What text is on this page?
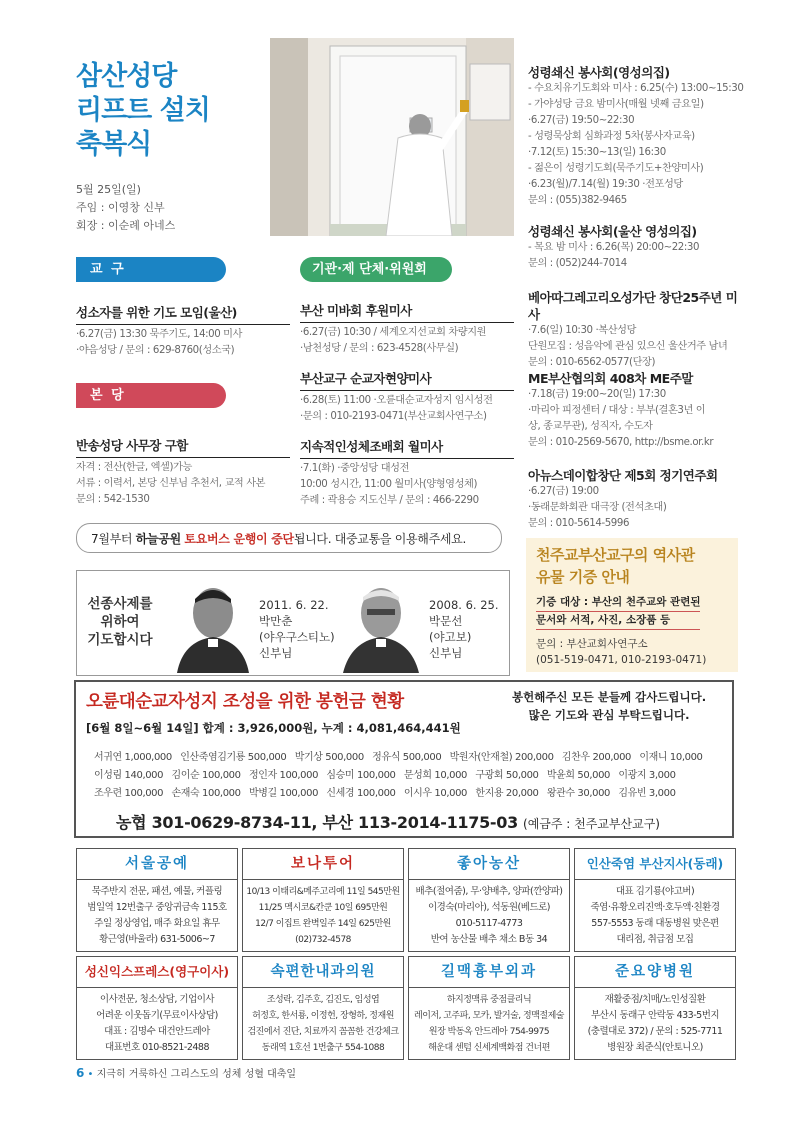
삼산성당
리프트 설치
축복식
5월 25일(일)
주임 : 이영창 신부
회장 : 이순례 아네스
교 구
본 당
기관·제 단체·위원회
성소자를 위한 기도 모임(울산)
·6.27(금) 13:30 묵주기도, 14:00 미사
·야음성당 / 문의 : 629-8760(성소국)
반송성당 사무장 구함
자격 : 전산(한글, 엑셀)가능
서류 : 이력서, 본당 신부님 추천서, 교적 사본
문의 : 542-1530
부산 미바회 후원미사
·6.27(금) 10:30 / 세계오지선교회 차량지원
·남천성당 / 문의 : 623-4528(사무실)
부산교구 순교자현양미사
·6.28(토) 11:00 ·오륜대순교자성지 임시성전
·문의 : 010-2193-0471(부산교회사연구소)
지속적인성체조배회 월미사
·7.1(화) ·중앙성당 대성전
10:00 성시간, 11:00 월미사(양형영성체)
주례 : 곽용승 지도신부 / 문의 : 466-2290
성령쇄신 봉사회(영성의집)
- 수요치유기도회와 미사 : 6.25(수) 13:00~15:30
- 가야성당 금요 밤미사(매월 넷째 금요일)
·6.27(금) 19:50~22:30
- 성령묵상회 심화과정 5차(봉사자교육)
·7.12(토) 15:30~13(일) 16:30
- 젊은이 성령기도회(묵주기도+찬양미사)
·6.23(월)/7.14(월) 19:30 ·전포성당
문의 : (055)382-9465
성령쇄신 봉사회(울산 영성의집)
- 목요 밤 미사 : 6.26(목) 20:00~22:30
문의 : (052)244-7014
베아따그레고리오성가단 창단25주년 미사
·7.6(일) 10:30 ·복산성당
단원모집 : 성음악에 관심 있으신 울산거주 남녀
문의 : 010-6562-0577(단장)
ME부산협의회 408차 ME주말
·7.18(금) 19:00~20(일) 17:30
·마리아 피정센터 / 대상 : 부부(결혼3년 이
상, 종교무관), 성직자, 수도자
문의 : 010-2569-5670, http://bsme.or.kr
아뉴스데이합창단 제5회 정기연주회
·6.27(금) 19:00
·동래문화회관 대극장 (전석초대)
문의 : 010-5614-5996
7월부터 하늘공원 토요버스 운행이 중단됩니다. 대중교통을 이용해주세요.
선종사제를
위하여
기도합시다
2011. 6. 22.
박만춘
(야우구스티노)
신부님
2008. 6. 25.
박문선
(야고보)
신부님
천주교부산교구의 역사관
유물 기증 안내
기증 대상 : 부산의 천주교와 관련된
문서와 서적, 사진, 소장품 등
문의 : 부산교회사연구소
(051-519-0471, 010-2193-0471)
오륜대순교자성지 조성을 위한 봉헌금 현황	봉헌해주신 모든 분들께 감사드립니다.
많은 기도와 관심 부탁드립니다.
[6월 8일~6월 14일] 합계 : 3,926,000원, 누계 : 4,081,464,441원
서귀연 1,000,000 인산죽염김기룡 500,000 박기상 500,000 정유식 500,000 박원자(안재철) 200,000 김찬우 200,000 이재니 10,000
이성림 140,000 김이순 100,000 정인자 100,000 심승미 100,000 문성희 10,000 구광회 50,000 박윤희 50,000 이광지 3,000
조우련 100,000 손재숙 100,000 박병길 100,000 신세경 100,000 이시우 10,000 한지용 20,000 왕관수 30,000 김유빈 3,000
농협 301-0629-8734-11, 부산 113-2014-1175-03 (예금주 : 천주교부산교구)
서울공예
묵주반지 전문, 패션, 예물, 커플링
범일역 12번출구 중앙귀금속 115호
주일 정상영업, 매주 화요일 휴무
황근영(바울라) 631-5006~7
보나투어
10/13 이태리&메주고리예 11일 545만원
11/25 멕시코&칸쿤 10일 695만원
12/7 이집트 완벽일주 14일 625만원
(02)732-4578
좋아농산
배추(절여줌), 무·양배추, 양파(깐양파)
이경숙(마리아), 석동원(베드로)
010-5117-4773
반여 농산물 배추 채소 B동 34
인산죽염 부산지사(동래)
대표 김기룡(야고버)
죽염·유황오리진액·호두액·친환경
557-5553 동래 대동병원 맞은편
대리점, 취급점 모집
성신익스프레스(영구이사)
이사전문, 청소상담, 기업이사
어려운 이웃돕기(무료이사상담)
대표 : 김명수 대건안드레아
대표번호 010-8521-2488
속편한내과의원
조성락, 김주호, 김진도, 임성엽
허정호, 한서룡, 이정헌, 장형하, 정재원
검진에서 진단, 치료까지 꼼꼼한 건강체크
동래역 1호선 1번출구 554-1088
길맥흉부외과
하지정맥류 중점클리닉
레이저, 고주파, 모카, 발거술, 정맥절제술
원장 박동옥 안드레아 754-9975
해운대 센텀 신세계백화점 건너편
준요양병원
재활중점/치매/노인성질환
부산시 동래구 안락동 433-5번지
(충렬대로 372) / 문의 : 525-7711
병원장 최준식(안토니오)
6 • 지극히 거룩하신 그리스도의 성체 성혈 대축일
